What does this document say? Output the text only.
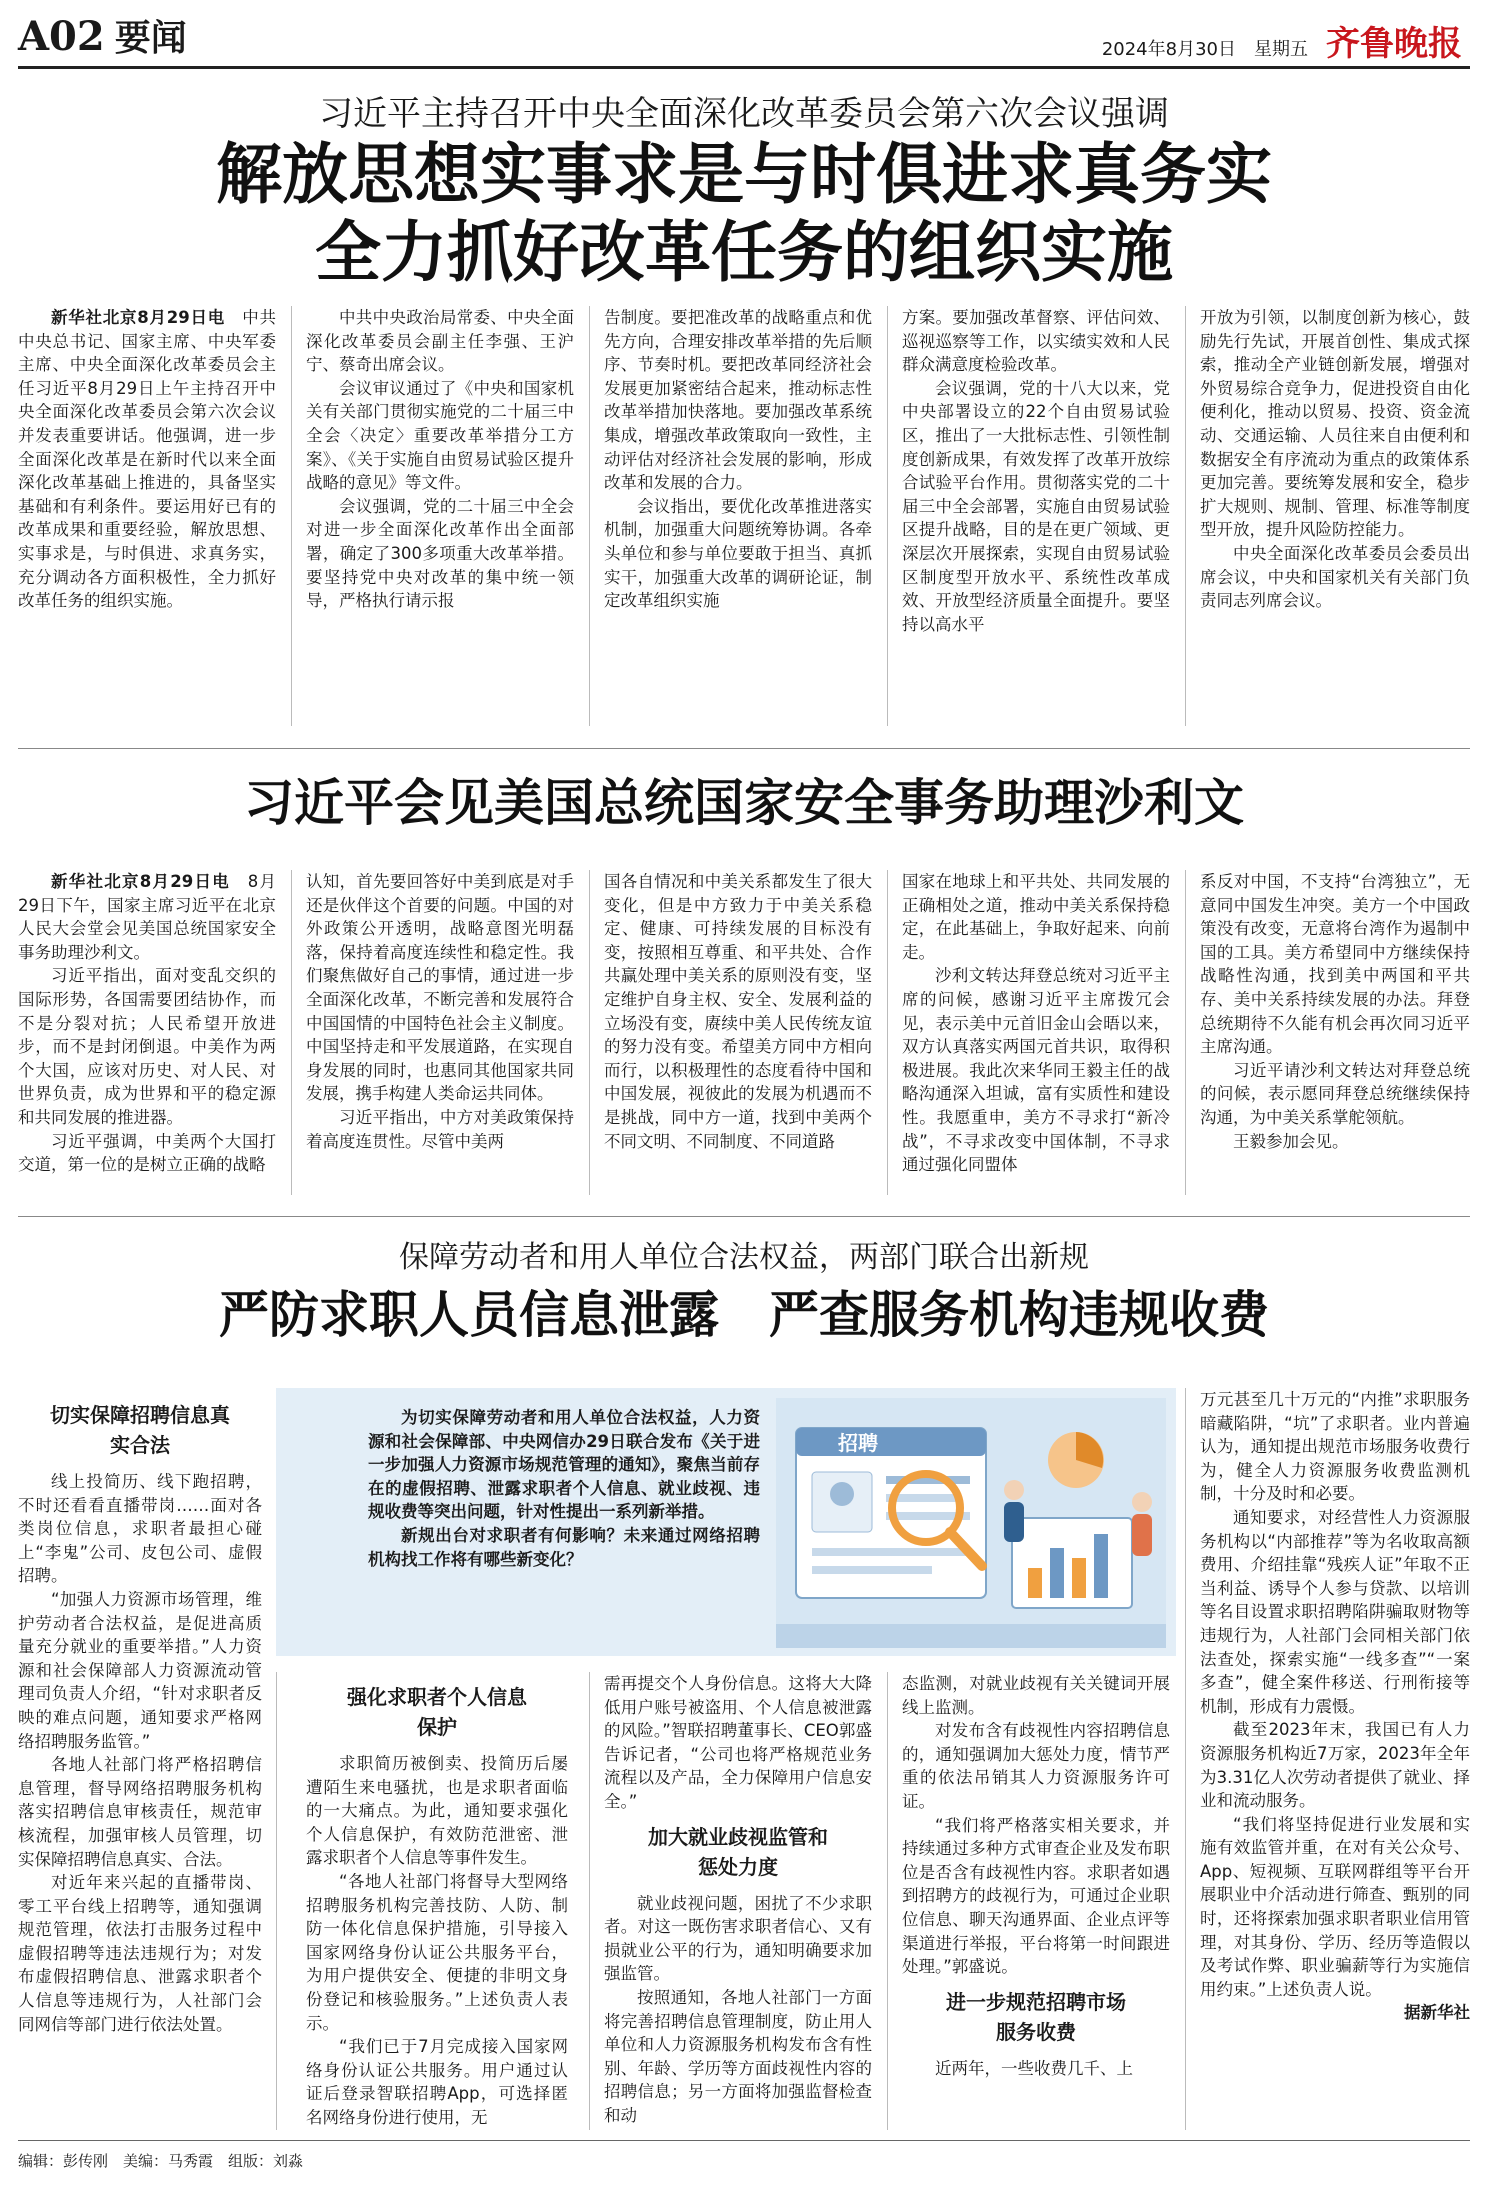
A02 要闻	2024年8月30日 星期五 齐鲁晚报
习近平主持召开中央全面深化改革委员会第六次会议强调
解放思想实事求是与时俱进求真务实
全力抓好改革任务的组织实施

新华社北京8月29日电　 中共中央总书记、国家主席、中央军委主席、中央全面深化改革委员会主任习近平8月29日上午主持召开中央全面深化改革委员会第六次会议并发表重要讲话。他强调，进一步全面深化改革是在新时代以来全面深化改革基础上推进的，具备坚实基础和有利条件。要运用好已有的改革成果和重要经验，解放思想、实事求是，与时俱进、求真务实，充分调动各方面积极性，全力抓好改革任务的组织实施。

中共中央政治局常委、中央全面深化改革委员会副主任李强、王沪宁、蔡奇出席会议。

会议审议通过了《中央和国家机关有关部门贯彻实施党的二十届三中全会〈决定〉重要改革举措分工方案》、《关于实施自由贸易试验区提升战略的意见》等文件。

会议强调，党的二十届三中全会对进一步全面深化改革作出全面部署，确定了300多项重大改革举措。要坚持党中央对改革的集中统一领导，严格执行请示报

告制度。要把准改革的战略重点和优先方向，合理安排改革举措的先后顺序、节奏时机。要把改革同经济社会发展更加紧密结合起来，推动标志性改革举措加快落地。要加强改革系统集成，增强改革政策取向一致性，主动评估对经济社会发展的影响，形成改革和发展的合力。

会议指出，要优化改革推进落实机制，加强重大问题统筹协调。各牵头单位和参与单位要敢于担当、真抓实干，加强重大改革的调研论证，制定改革组织实施

方案。要加强改革督察、评估问效、巡视巡察等工作，以实绩实效和人民群众满意度检验改革。

会议强调，党的十八大以来，党中央部署设立的22个自由贸易试验区，推出了一大批标志性、引领性制度创新成果，有效发挥了改革开放综合试验平台作用。贯彻落实党的二十届三中全会部署，实施自由贸易试验区提升战略，目的是在更广领域、更深层次开展探索，实现自由贸易试验区制度型开放水平、系统性改革成效、开放型经济质量全面提升。要坚持以高水平

开放为引领，以制度创新为核心，鼓励先行先试，开展首创性、集成式探索，推动全产业链创新发展，增强对外贸易综合竞争力，促进投资自由化便利化，推动以贸易、投资、资金流动、交通运输、人员往来自由便利和数据安全有序流动为重点的政策体系更加完善。要统筹发展和安全，稳步扩大规则、规制、管理、标准等制度型开放，提升风险防控能力。

中央全面深化改革委员会委员出席会议，中央和国家机关有关部门负责同志列席会议。

习近平会见美国总统国家安全事务助理沙利文

新华社北京8月29日电　 8月29日下午，国家主席习近平在北京人民大会堂会见美国总统国家安全事务助理沙利文。

习近平指出，面对变乱交织的国际形势，各国需要团结协作，而不是分裂对抗；人民希望开放进步，而不是封闭倒退。中美作为两个大国，应该对历史、对人民、对世界负责，成为世界和平的稳定源和共同发展的推进器。

习近平强调，中美两个大国打交道，第一位的是树立正确的战略

认知，首先要回答好中美到底是对手还是伙伴这个首要的问题。中国的对外政策公开透明，战略意图光明磊落，保持着高度连续性和稳定性。我们聚焦做好自己的事情，通过进一步全面深化改革，不断完善和发展符合中国国情的中国特色社会主义制度。中国坚持走和平发展道路，在实现自身发展的同时，也惠同其他国家共同发展，携手构建人类命运共同体。

习近平指出，中方对美政策保持着高度连贯性。尽管中美两

国各自情况和中美关系都发生了很大变化，但是中方致力于中美关系稳定、健康、可持续发展的目标没有变，按照相互尊重、和平共处、合作共赢处理中美关系的原则没有变，坚定维护自身主权、安全、发展利益的立场没有变，赓续中美人民传统友谊的努力没有变。希望美方同中方相向而行，以积极理性的态度看待中国和中国发展，视彼此的发展为机遇而不是挑战，同中方一道，找到中美两个不同文明、不同制度、不同道路

国家在地球上和平共处、共同发展的正确相处之道，推动中美关系保持稳定，在此基础上，争取好起来、向前走。

沙利文转达拜登总统对习近平主席的问候，感谢习近平主席拨冗会见，表示美中元首旧金山会晤以来，双方认真落实两国元首共识，取得积极进展。我此次来华同王毅主任的战略沟通深入坦诚，富有实质性和建设性。我愿重申，美方不寻求打“新冷战”，不寻求改变中国体制，不寻求通过强化同盟体

系反对中国，不支持“台湾独立”，无意同中国发生冲突。美方一个中国政策没有改变，无意将台湾作为遏制中国的工具。美方希望同中方继续保持战略性沟通，找到美中两国和平共存、美中关系持续发展的办法。拜登总统期待不久能有机会再次同习近平主席沟通。

习近平请沙利文转达对拜登总统的问候，表示愿同拜登总统继续保持沟通，为中美关系掌舵领航。

王毅参加会见。

保障劳动者和用人单位合法权益，两部门联合出新规
严防求职人员信息泄露　严查服务机构违规收费

为切实保障劳动者和用人单位合法权益，人力资源和社会保障部、中央网信办29日联合发布《关于进一步加强人力资源市场规范管理的通知》，聚焦当前存在的虚假招聘、泄露求职者个人信息、就业歧视、违规收费等突出问题，针对性提出一系列新举措。

新规出台对求职者有何影响？未来通过网络招聘机构找工作将有哪些新变化？

招聘
切实保障招聘信息真实合法

线上投简历、线下跑招聘，不时还看看直播带岗……面对各类岗位信息，求职者最担心碰上“李鬼”公司、皮包公司、虚假招聘。

“加强人力资源市场管理，维护劳动者合法权益，是促进高质量充分就业的重要举措。”人力资源和社会保障部人力资源流动管理司负责人介绍，“针对求职者反映的难点问题，通知要求严格网络招聘服务监管。”

各地人社部门将严格招聘信息管理，督导网络招聘服务机构落实招聘信息审核责任，规范审核流程，加强审核人员管理，切实保障招聘信息真实、合法。

对近年来兴起的直播带岗、零工平台线上招聘等，通知强调规范管理，依法打击服务过程中虚假招聘等违法违规行为；对发布虚假招聘信息、泄露求职者个人信息等违规行为，人社部门会同网信等部门进行依法处置。

强化求职者个人信息保护

求职简历被倒卖、投简历后屡遭陌生来电骚扰，也是求职者面临的一大痛点。为此，通知要求强化个人信息保护，有效防范泄密、泄露求职者个人信息等事件发生。

“各地人社部门将督导大型网络招聘服务机构完善技防、人防、制防一体化信息保护措施，引导接入国家网络身份认证公共服务平台，为用户提供安全、便捷的非明文身份登记和核验服务。”上述负责人表示。

“我们已于7月完成接入国家网络身份认证公共服务。用户通过认证后登录智联招聘App，可选择匿名网络身份进行使用，无

需再提交个人身份信息。这将大大降低用户账号被盗用、个人信息被泄露的风险。”智联招聘董事长、CEO郭盛告诉记者，“公司也将严格规范业务流程以及产品，全力保障用户信息安全。”

加大就业歧视监管和惩处力度

就业歧视问题，困扰了不少求职者。对这一既伤害求职者信心、又有损就业公平的行为，通知明确要求加强监管。

按照通知，各地人社部门一方面将完善招聘信息管理制度，防止用人单位和人力资源服务机构发布含有性别、年龄、学历等方面歧视性内容的招聘信息；另一方面将加强监督检查和动

态监测，对就业歧视有关关键词开展线上监测。

对发布含有歧视性内容招聘信息的，通知强调加大惩处力度，情节严重的依法吊销其人力资源服务许可证。

“我们将严格落实相关要求，并持续通过多种方式审查企业及发布职位是否含有歧视性内容。求职者如遇到招聘方的歧视行为，可通过企业职位信息、聊天沟通界面、企业点评等渠道进行举报，平台将第一时间跟进处理。”郭盛说。

进一步规范招聘市场服务收费

近两年，一些收费几千、上

万元甚至几十万元的“内推”求职服务暗藏陷阱，“坑”了求职者。业内普遍认为，通知提出规范市场服务收费行为，健全人力资源服务收费监测机制，十分及时和必要。

通知要求，对经营性人力资源服务机构以“内部推荐”等为名收取高额费用、介绍挂靠“残疾人证”年取不正当利益、诱导个人参与贷款、以培训等名目设置求职招聘陷阱骗取财物等违规行为，人社部门会同相关部门依法查处，探索实施“一线多查”“一案多查”，健全案件移送、行刑衔接等机制，形成有力震慑。

截至2023年末，我国已有人力资源服务机构近7万家，2023年全年为3.31亿人次劳动者提供了就业、择业和流动服务。

“我们将坚持促进行业发展和实施有效监管并重，在对有关公众号、App、短视频、互联网群组等平台开展职业中介活动进行筛查、甄别的同时，还将探索加强求职者职业信用管理，对其身份、学历、经历等造假以及考试作弊、职业骗薪等行为实施信用约束。”上述负责人说。

据新华社
编辑：彭传刚　美编：马秀霞　组版：刘淼
